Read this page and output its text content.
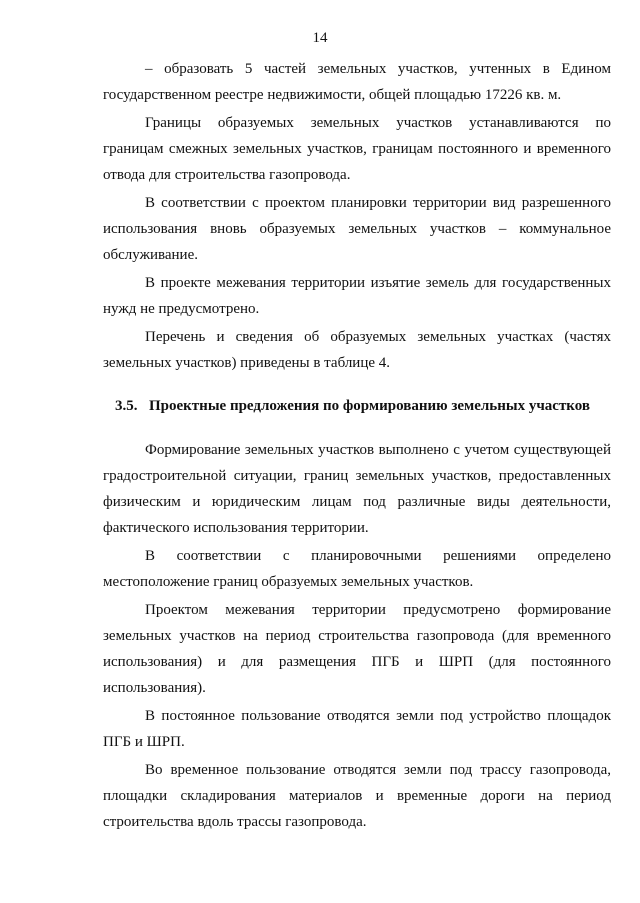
14
– образовать 5 частей земельных участков, учтенных в Едином
государственном реестре недвижимости, общей площадью 17226 кв. м.
Границы образуемых земельных участков устанавливаются по
границам смежных земельных участков, границам постоянного и временного
отвода для строительства газопровода.
В соответствии с проектом планировки территории вид разрешенного
использования вновь образуемых земельных участков – коммунальное
обслуживание.
В проекте межевания территории изъятие земель для государственных
нужд не предусмотрено.
Перечень и сведения об образуемых земельных участках (частях
земельных участков) приведены в таблице 4.
3.5. Проектные предложения по формированию земельных участков
Формирование земельных участков выполнено с учетом существующей
градостроительной ситуации, границ земельных участков, предоставленных
физическим и юридическим лицам под различные виды деятельности,
фактического использования территории.
В соответствии с планировочными решениями определено
местоположение границ образуемых земельных участков.
Проектом межевания территории предусмотрено формирование
земельных участков на период строительства газопровода (для временного
использования) и для размещения ПГБ и ШРП (для постоянного
использования).
В постоянное пользование отводятся земли под устройство площадок
ПГБ и ШРП.
Во временное пользование отводятся земли под трассу газопровода,
площадки складирования материалов и временные дороги на период
строительства вдоль трассы газопровода.
